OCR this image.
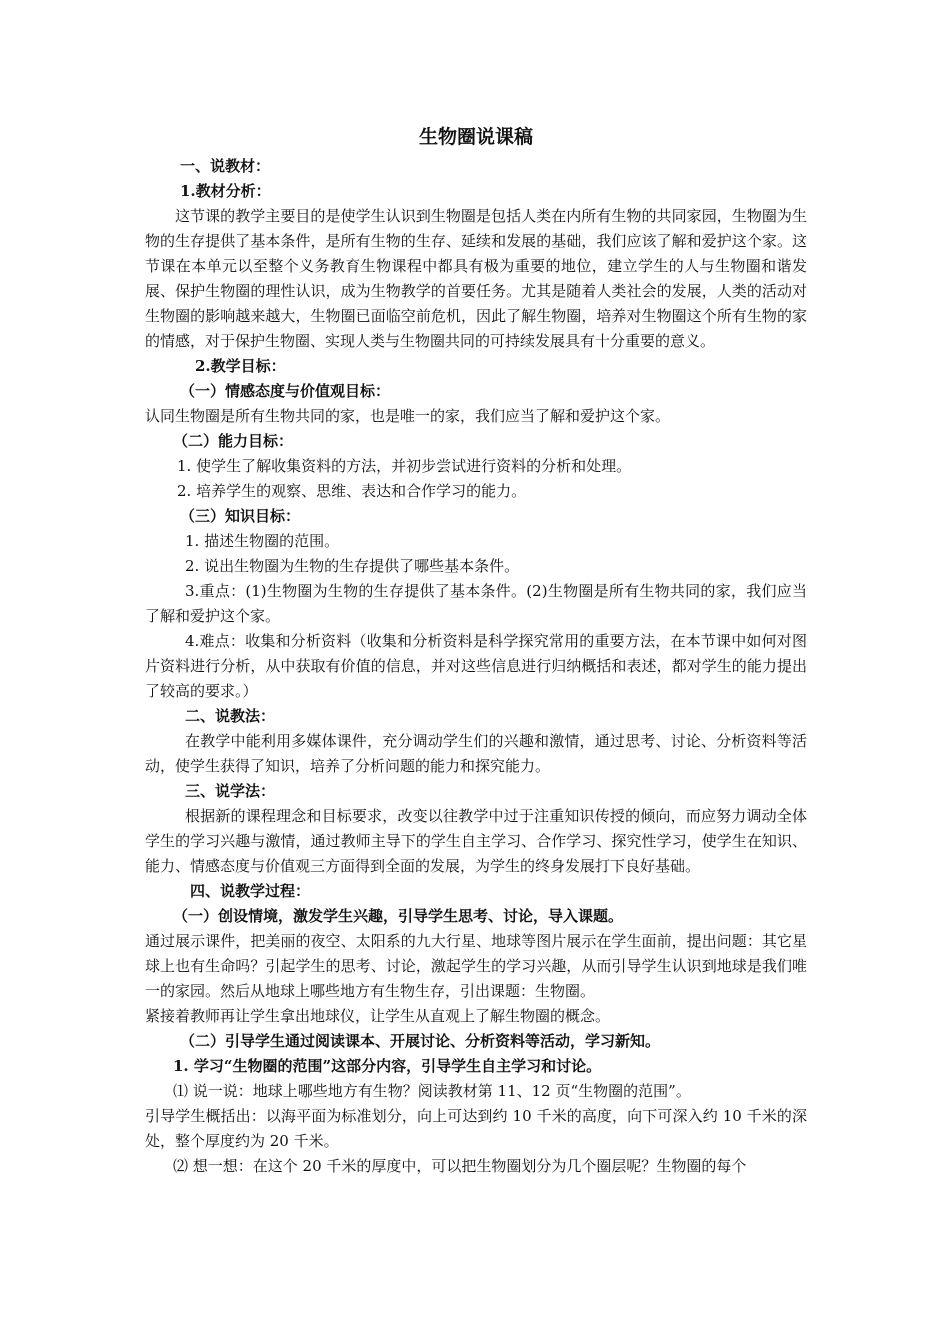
生物圈说课稿
一、说教材：
1.教材分析：
这节课的教学主要目的是使学生认识到生物圈是包括人类在内所有生物的共同家园，生物圈为生物的生存提供了基本条件，是所有生物的生存、延续和发展的基础，我们应该了解和爱护这个家。这节课在本单元以至整个义务教育生物课程中都具有极为重要的地位，建立学生的人与生物圈和谐发展、保护生物圈的理性认识，成为生物教学的首要任务。尤其是随着人类社会的发展，人类的活动对生物圈的影响越来越大，生物圈已面临空前危机，因此了解生物圈，培养对生物圈这个所有生物的家的情感，对于保护生物圈、实现人类与生物圈共同的可持续发展具有十分重要的意义。
2.教学目标：
（一）情感态度与价值观目标：
认同生物圈是所有生物共同的家，也是唯一的家，我们应当了解和爱护这个家。
（二）能力目标：
1. 使学生了解收集资料的方法，并初步尝试进行资料的分析和处理。
2. 培养学生的观察、思维、表达和合作学习的能力。
（三）知识目标：
1. 描述生物圈的范围。
2. 说出生物圈为生物的生存提供了哪些基本条件。
3.重点：(1)生物圈为生物的生存提供了基本条件。(2)生物圈是所有生物共同的家，我们应当了解和爱护这个家。
4.难点：收集和分析资料（收集和分析资料是科学探究常用的重要方法，在本节课中如何对图片资料进行分析，从中获取有价值的信息，并对这些信息进行归纳概括和表述，都对学生的能力提出了较高的要求。）
二、说教法：
在教学中能利用多媒体课件，充分调动学生们的兴趣和激情，通过思考、讨论、分析资料等活动，使学生获得了知识，培养了分析问题的能力和探究能力。
三、说学法：
根据新的课程理念和目标要求，改变以往教学中过于注重知识传授的倾向，而应努力调动全体学生的学习兴趣与激情，通过教师主导下的学生自主学习、合作学习、探究性学习，使学生在知识、能力、情感态度与价值观三方面得到全面的发展，为学生的终身发展打下良好基础。
四、说教学过程：
（一）创设情境，激发学生兴趣，引导学生思考、讨论，导入课题。
通过展示课件，把美丽的夜空、太阳系的九大行星、地球等图片展示在学生面前，提出问题：其它星球上也有生命吗？引起学生的思考、讨论，激起学生的学习兴趣，从而引导学生认识到地球是我们唯一的家园。然后从地球上哪些地方有生物生存，引出课题：生物圈。
紧接着教师再让学生拿出地球仪，让学生从直观上了解生物圈的概念。
（二）引导学生通过阅读课本、开展讨论、分析资料等活动，学习新知。
1. 学习“生物圈的范围”这部分内容，引导学生自主学习和讨论。
⑴ 说一说：地球上哪些地方有生物？阅读教材第 11、12 页“生物圈的范围”。
引导学生概括出：以海平面为标准划分，向上可达到约 10 千米的高度，向下可深入约 10 千米的深处，整个厚度约为 20 千米。
⑵ 想一想：在这个 20 千米的厚度中，可以把生物圈划分为几个圈层呢？生物圈的每个
